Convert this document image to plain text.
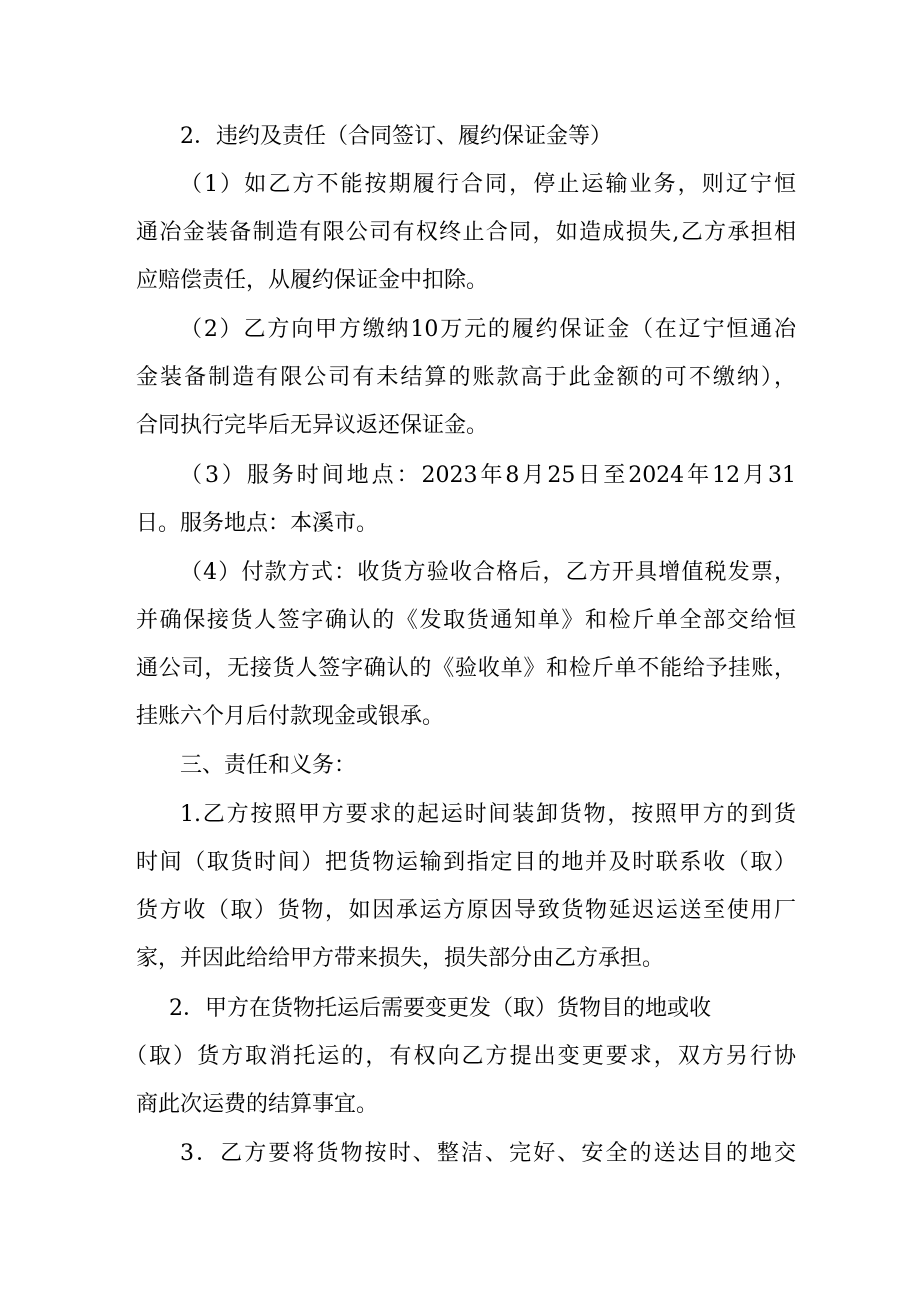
2．违约及责任（合同签订、履约保证金等）
（1）如乙方不能按期履行合同，停止运输业务，则辽宁恒
通冶金装备制造有限公司有权终止合同，如造成损失,乙方承担相
应赔偿责任，从履约保证金中扣除。
（2）乙方向甲方缴纳10万元的履约保证金（在辽宁恒通冶
金装备制造有限公司有未结算的账款高于此金额的可不缴纳），
合同执行完毕后无异议返还保证金。
（3）服务时间地点：2023年8月25日至2024年12月31
日。服务地点：本溪市。
（4）付款方式：收货方验收合格后，乙方开具增值税发票，
并确保接货人签字确认的《发取货通知单》和检斤单全部交给恒
通公司，无接货人签字确认的《验收单》和检斤单不能给予挂账，
挂账六个月后付款现金或银承。
三、责任和义务：
1.乙方按照甲方要求的起运时间装卸货物，按照甲方的到货
时间（取货时间）把货物运输到指定目的地并及时联系收（取）
货方收（取）货物，如因承运方原因导致货物延迟运送至使用厂
家，并因此给给甲方带来损失，损失部分由乙方承担。
2．甲方在货物托运后需要变更发（取）货物目的地或收
（取）货方取消托运的，有权向乙方提出变更要求，双方另行协
商此次运费的结算事宜。
3．乙方要将货物按时、整洁、完好、安全的送达目的地交
